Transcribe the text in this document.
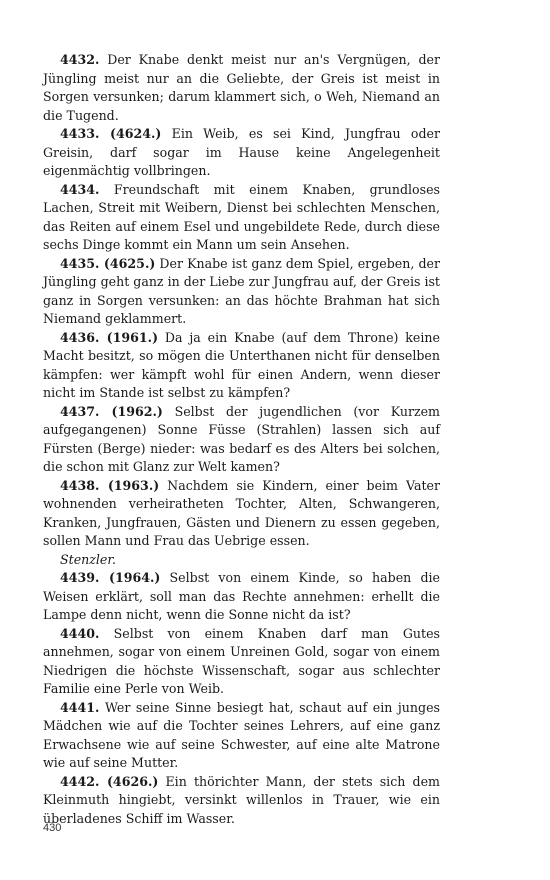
4432. Der Knabe denkt meist nur an's Vergnügen, der Jüngling meist nur an die Geliebte, der Greis ist meist in Sorgen versunken; darum klammert sich, o Weh, Niemand an die Tugend.

4433. (4624.) Ein Weib, es sei Kind, Jungfrau oder Greisin, darf sogar im Hause keine Angelegenheit eigenmächtig vollbringen.

4434. Freundschaft mit einem Knaben, grundloses Lachen, Streit mit Weibern, Dienst bei schlechten Menschen, das Reiten auf einem Esel und ungebildete Rede, durch diese sechs Dinge kommt ein Mann um sein Ansehen.

4435. (4625.) Der Knabe ist ganz dem Spiel, ergeben, der Jüngling geht ganz in der Liebe zur Jungfrau auf, der Greis ist ganz in Sorgen versunken: an das höchte Brahman hat sich Niemand geklammert.

4436. (1961.) Da ja ein Knabe (auf dem Throne) keine Macht besitzt, so mögen die Unterthanen nicht für denselben kämpfen: wer kämpft wohl für einen Andern, wenn dieser nicht im Stande ist selbst zu kämpfen?

4437. (1962.) Selbst der jugendlichen (vor Kurzem aufgegangenen) Sonne Füsse (Strahlen) lassen sich auf Fürsten (Berge) nieder: was bedarf es des Alters bei solchen, die schon mit Glanz zur Welt kamen?

4438. (1963.) Nachdem sie Kindern, einer beim Vater wohnenden verheiratheten Tochter, Alten, Schwangeren, Kranken, Jungfrauen, Gästen und Dienern zu essen gegeben, sollen Mann und Frau das Uebrige essen.

Stenzler.

4439. (1964.) Selbst von einem Kinde, so haben die Weisen erklärt, soll man das Rechte annehmen: erhellt die Lampe denn nicht, wenn die Sonne nicht da ist?

4440. Selbst von einem Knaben darf man Gutes annehmen, sogar von einem Unreinen Gold, sogar von einem Niedrigen die höchste Wissenschaft, sogar aus schlechter Familie eine Perle von Weib.

4441. Wer seine Sinne besiegt hat, schaut auf ein junges Mädchen wie auf die Tochter seines Lehrers, auf eine ganz Erwachsene wie auf seine Schwester, auf eine alte Matrone wie auf seine Mutter.

4442. (4626.) Ein thörichter Mann, der stets sich dem Kleinmuth hingiebt, versinkt willenlos in Trauer, wie ein überladenes Schiff im Wasser.

430
